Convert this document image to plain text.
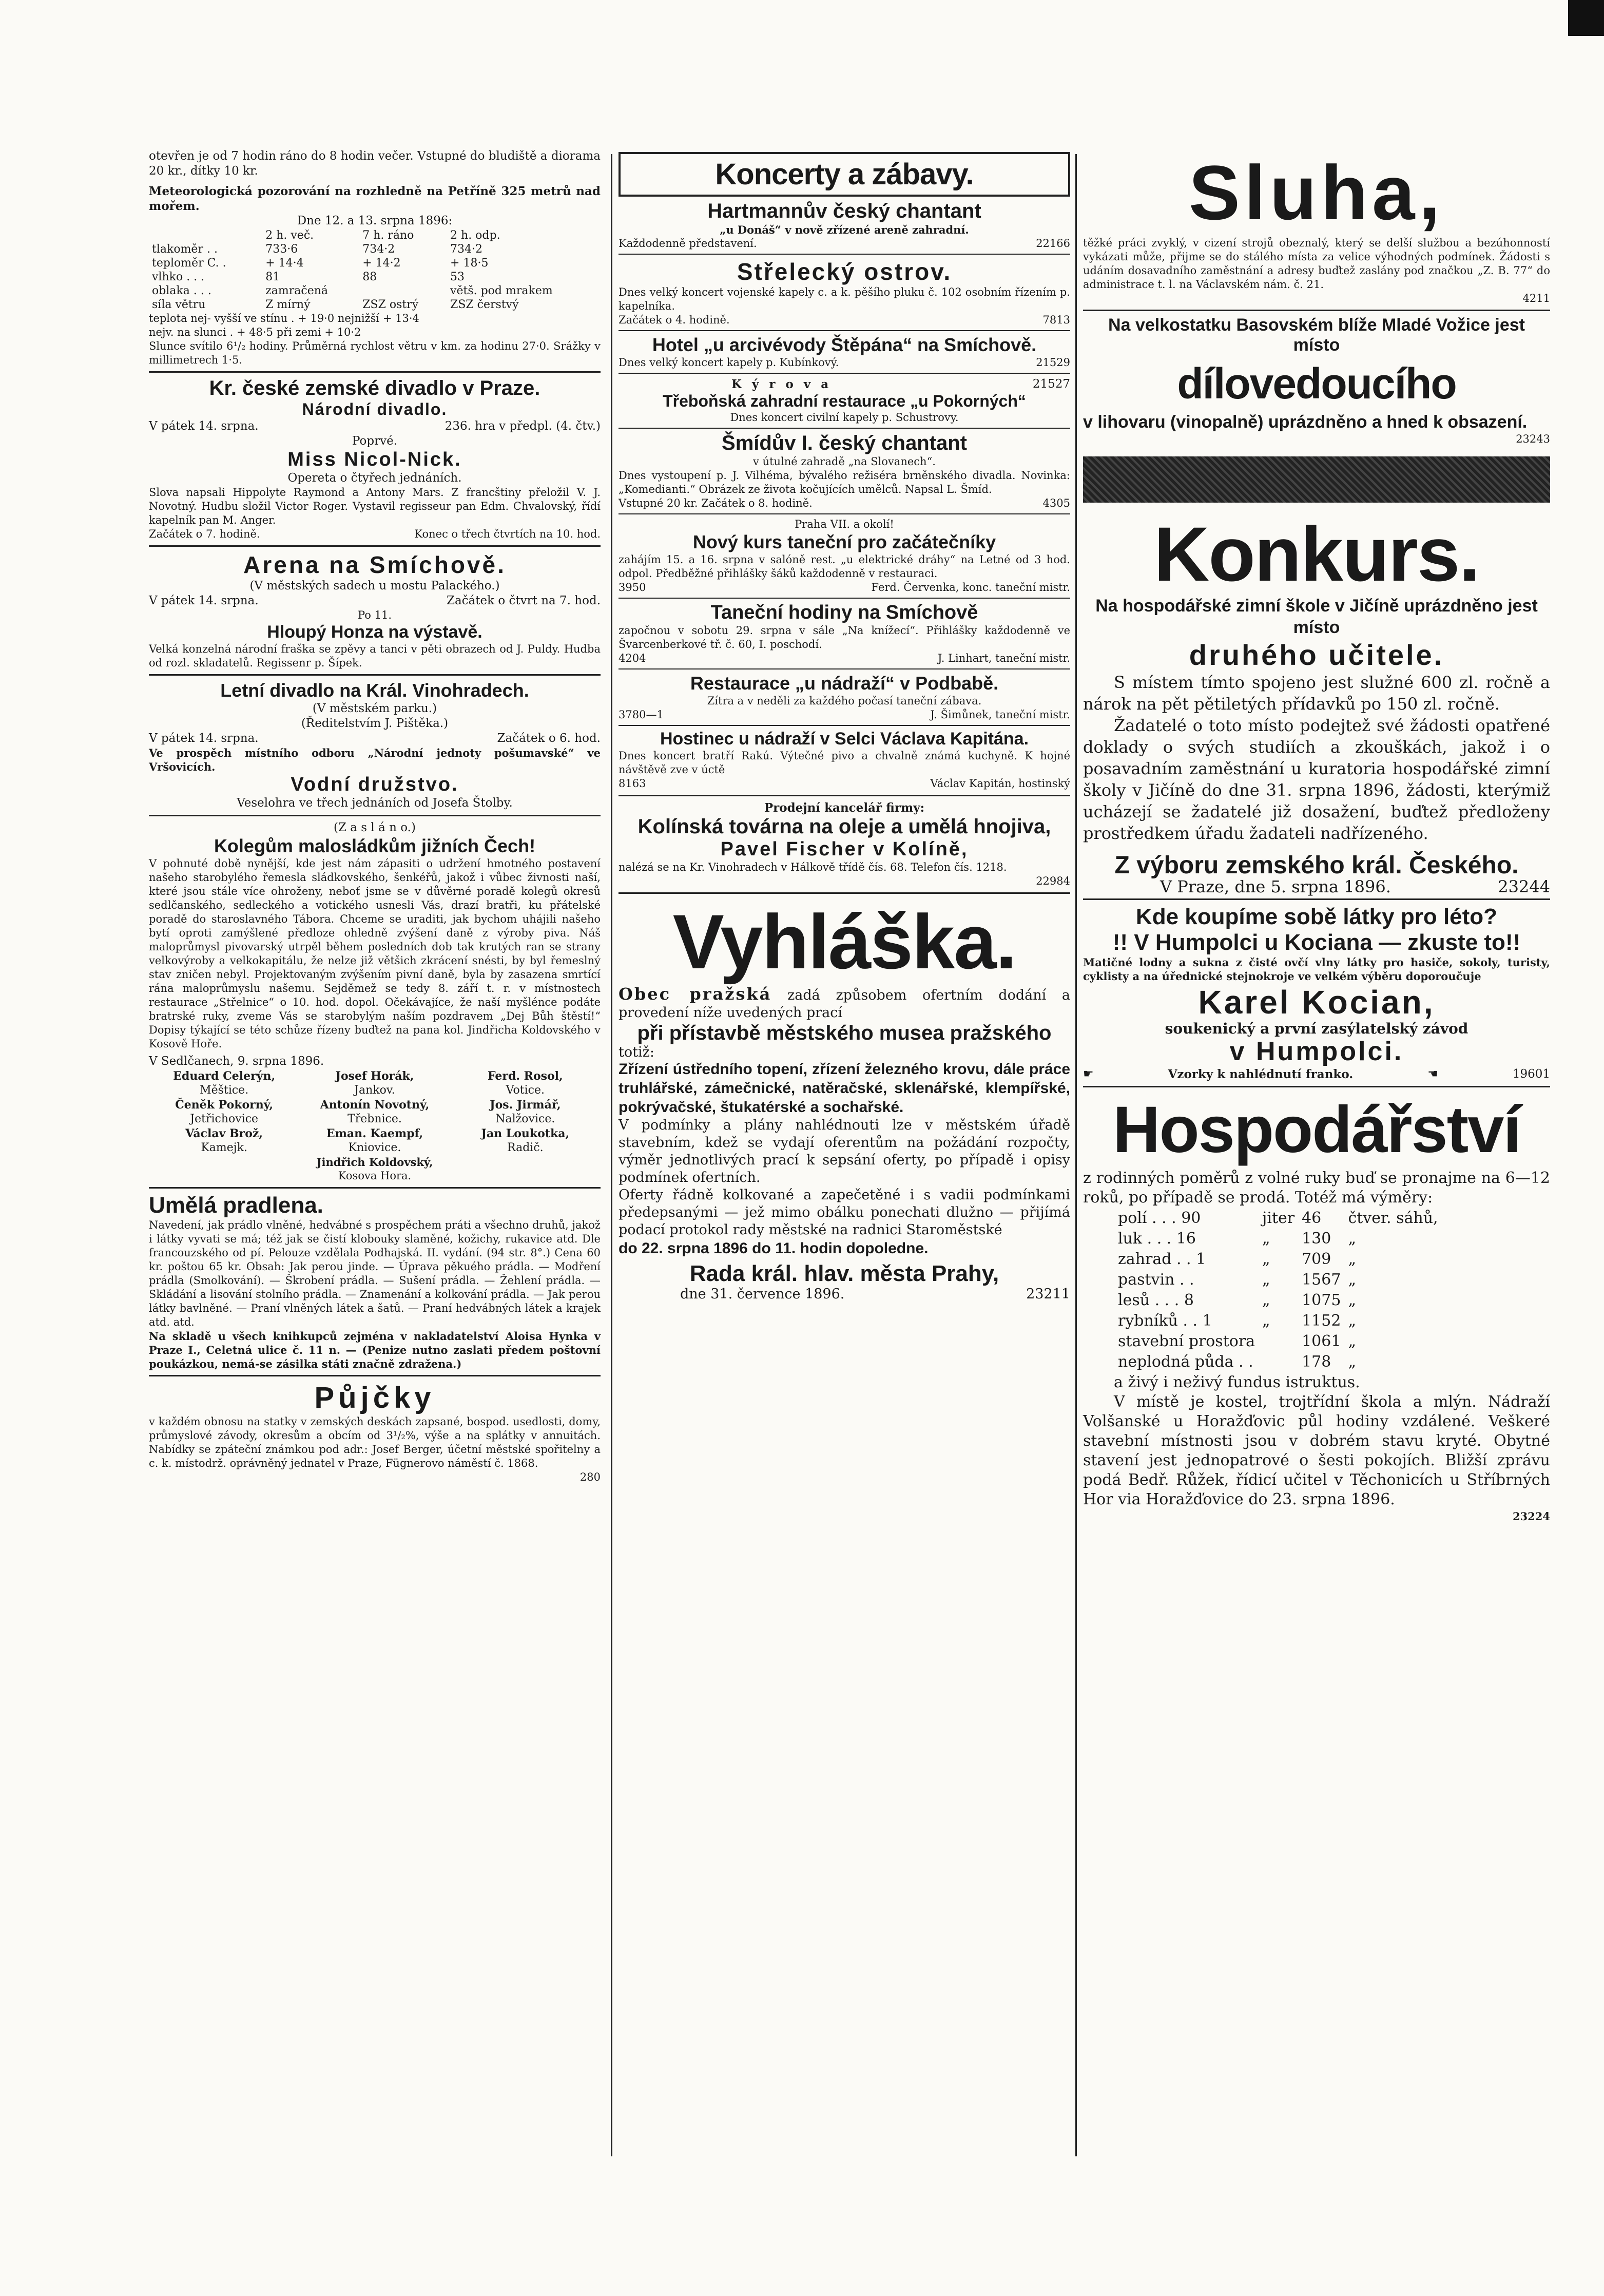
otevřen je od 7 hodin ráno do 8 hodin večer. Vstupné do bludiště a diorama 20 kr., dítky 10 kr.

Meteorologická pozorování na rozhledně na Petříně 325 metrů nad mořem.

Dne 12. a 13. srpna 1896:

	2 h. več.	7 h. ráno	2 h. odp.
tlakoměr . .	733·6	734·2	734·2
teploměr C. .	+ 14·4	+ 14·2	+ 18·5
vlhko . . .	81	88	53
oblaka . . .	zamračená		větš. pod mrakem
síla větru	Z mírný	ZSZ ostrý	ZSZ čerstvý

teplota nej- vyšší ve stínu . + 19·0 nejnižší + 13·4

nejv. na slunci . + 48·5 při zemi + 10·2

Slunce svítilo 6¹/₂ hodiny. Průměrná rychlost větru v km. za hodinu 27·0. Srážky v millimetrech 1·5.

Kr. české zemské divadlo v Praze.

Národní divadlo.

V pátek 14. srpna.	236. hra v předpl. (4. čtv.)

Poprvé.

Miss Nicol-Nick.

Opereta o čtyřech jednáních.

Slova napsali Hippolyte Raymond a Antony Mars. Z francštiny přeložil V. J. Novotný. Hudbu složil Victor Roger. Vystavil regisseur pan Edm. Chvalovský, řídí kapelník pan M. Anger.

Začátek o 7. hodině.	Konec o třech čtvrtích na 10. hod.

Arena na Smíchově.

(V městských sadech u mostu Palackého.)

V pátek 14. srpna.	Začátek o čtvrt na 7. hod.

Po 11.

Hloupý Honza na výstavě.

Velká konzelná národní fraška se zpěvy a tanci v pěti obrazech od J. Puldy. Hudba od rozl. skladatelů. Regissenr p. Šípek.

Letní divadlo na Král. Vinohradech.

(V městském parku.)

(Ředitelstvím J. Pištěka.)

V pátek 14. srpna.	Začátek o 6. hod.

Ve prospěch místního odboru „Národní jednoty pošumavské“ ve Vršovicích.

Vodní družstvo.

Veselohra ve třech jednáních od Josefa Štolby.

(Z a s l á n o.)

Kolegům malosládkům jižních Čech!

V pohnuté době nynější, kde jest nám zápasiti o udržení hmotného postavení našeho starobylého řemesla sládkovského, šenkéřů, jakož i vůbec živnosti naší, které jsou stále více ohroženy, neboť jsme se v důvěrné poradě kolegů okresů sedlčanského, sedleckého a votického usnesli Vás, drazí bratři, ku přátelské poradě do staroslavného Tábora. Chceme se uraditi, jak bychom uhájili našeho bytí oproti zamýšlené předloze ohledně zvýšení daně z výroby piva. Náš maloprůmysl pivovarský utrpěl během posledních dob tak krutých ran se strany velkovýroby a velkokapitálu, že nelze již většich zkrácení snésti, by byl řemeslný stav zničen nebyl. Projektovaným zvýšením pivní daně, byla by zasazena smrtící rána maloprůmyslu našemu. Sejděmež se tedy 8. září t. r. v místnostech restaurace „Střelnice“ o 10. hod. dopol. Očekávajíce, že naší myšlénce podáte bratrské ruky, zveme Vás se starobylým naším pozdravem „Dej Bůh štěstí!“ Dopisy týkající se této schůze řízeny buďtež na pana kol. Jindřicha Koldovského v Kosově Hoře.

V Sedlčanech, 9. srpna 1896.

Eduard Celerýn,	Josef Horák,	Ferd. Rosol,
Měštice.	Jankov.	Votice.
Čeněk Pokorný,	Antonín Novotný,	Jos. Jirmář,
Jetřichovice	Třebnice.	Nalžovice.
Václav Brož,	Eman. Kaempf,	Jan Loukotka,
Kamejk.	Kniovice.	Radič.

Jindřich Koldovský,

Kosova Hora.

Umělá pradlena.

Navedení, jak prádlo vlněné, hedvábné s prospěchem práti a všechno druhů, jakož i látky vyvati se má; též jak se čistí klobouky slaměné, kožichy, rukavice atd. Dle francouzského od pí. Pelouze vzdělala Podhajská. II. vydání. (94 str. 8°.) Cena 60 kr. poštou 65 kr. Obsah: Jak perou jinde. — Úprava pěkuého prádla. — Modření prádla (Smolkování). — Škrobení prádla. — Sušení prádla. — Žehlení prádla. — Skládání a lisování stolního prádla. — Znamenání a kolkování prádla. — Jak perou látky bavlněné. — Praní vlněných látek a šatů. — Praní hedvábných látek a krajek atd. atd.

Na skladě u všech knihkupců zejména v nakladatelství Aloisa Hynka v Praze I., Celetná ulice č. 11 n. — (Penize nutno zaslati předem poštovní poukázkou, nemá-se zásilka státi značně zdražena.)

Půjčky

v každém obnosu na statky v zemských deskách zapsané, bospod. usedlosti, domy, průmyslové závody, okresům a obcím od 3¹/₂%, výše a na splátky v annuitách. Nabídky se zpáteční známkou pod adr.: Josef Berger, účetní městské spořitelny a c. k. místodrž. oprávněný jednatel v Praze, Fügnerovo náměstí č. 1868.

280

Koncerty a zábavy.

Hartmannův český chantant

„u Donáš“ v nově zřízené areně zahradní.

Každodenně představení.	22166

Střelecký ostrov.

Dnes velký koncert vojenské kapely c. a k. pěšího pluku č. 102 osobním řízením p. kapelníka.

Začátek o 4. hodině.	7813

Hotel „u arcivévody Štěpána“ na Smíchově.

Dnes velký koncert kapely p. Kubínkový.	21529
K ý r o v a	21527

Třeboňská zahradní restaurace „u Pokorných“

Dnes koncert civilní kapely p. Schustrovy.

Šmídův I. český chantant

v útulné zahradě „na Slovanech“.

Dnes vystoupení p. J. Vilhéma, bývalého režiséra brněnského divadla. Novinka: „Komedianti.“ Obrázek ze života kočujících umělců. Napsal L. Šmíd.

Vstupné 20 kr. Začátek o 8. hodině.	4305

Praha VII. a okolí!

Nový kurs taneční pro začátečníky

zahájím 15. a 16. srpna v salóně rest. „u elektrické dráhy“ na Letné od 3 hod. odpol. Předběžné přihlášky šáků každodenně v restauraci.

3950	Ferd. Červenka, konc. taneční mistr.

Taneční hodiny na Smíchově

započnou v sobotu 29. srpna v sále „Na knížecí“. Přihlášky každodenně ve Švarcenberkové tř. č. 60, I. poschodí.

4204	J. Linhart, taneční mistr.

Restaurace „u nádraží“ v Podbabě.

Zítra a v neděli za každého počasí taneční zábava.

3780—1	J. Šimůnek, taneční mistr.

Hostinec u nádraží v Selci Václava Kapitána.

Dnes koncert bratří Rakú. Výtečné pivo a chvalně známá kuchyně. K hojné návštěvě zve v úctě

8163	Václav Kapitán, hostinský

Prodejní kancelář firmy:

Kolínská továrna na oleje a umělá hnojiva,

Pavel Fischer v Kolíně,

nalézá se na Kr. Vinohradech v Hálkově třídě čís. 68. Telefon čís. 1218.

22984

Vyhláška.

Obec pražská zadá způsobem ofertním dodání a provedení níže uvedených prací

při přístavbě městského musea pražského

totiž:

Zřízení ústředního topení, zřízení železného krovu, dále práce truhlářské, zámečnické, natěračské, sklenářské, klempířské, pokrývačské, štukatérské a sochařské.

V podmínky a plány nahlédnouti lze v městském úřadě stavebním, kdež se vydají oferentům na požádání rozpočty, výměr jednotlivých prací k sepsání oferty, po případě i opisy podmínek ofertních.

Oferty řádně kolkované a zapečetěné i s vadii podmínkami předepsanými — jež mimo obálku ponechati dlužno — přijímá podací protokol rady městské na radnici Staroměstské

do 22. srpna 1896 do 11. hodin dopoledne.

Rada král. hlav. města Prahy,

dne 31. července 1896.	23211

Sluha,

těžké práci zvyklý, v cizení strojů obeznalý, který se delší službou a bezúhonností vykázati může, přijme se do stálého místa za velice výhodných podmínek. Žádosti s udáním dosavadního zaměstnání a adresy buďtež zaslány pod značkou „Z. B. 77“ do administrace t. l. na Václavském nám. č. 21.

4211

Na velkostatku Basovském blíže Mladé Vožice jest místo

dílovedoucího

v lihovaru (vinopalně) uprázdněno a hned k obsazení.

23243

Konkurs.

Na hospodářské zimní škole v Jičíně uprázdněno jest místo

druhého učitele.

S místem tímto spojeno jest služné 600 zl. ročně a nárok na pět pětiletých přídavků po 150 zl. ročně.

Žadatelé o toto místo podejtež své žádosti opatřené doklady o svých studiích a zkouškách, jakož i o posavadním zaměstnání u kuratoria hospodářské zimní školy v Jičíně do dne 31. srpna 1896, žádosti, kterýmiž ucházejí se žadatelé již dosažení, buďtež předloženy prostředkem úřadu žadateli nadřízeného.

Z výboru zemského král. Českého.

V Praze, dne 5. srpna 1896.	23244

Kde koupíme sobě látky pro léto?

!! V Humpolci u Kociana — zkuste to!!

Matičné lodny a sukna z čisté ovčí vlny látky pro hasiče, sokoly, turisty, cyklisty a na úřednické stejnokroje ve velkém výběru doporoučuje

Karel Kocian,

soukenický a první zasýlatelský závod

v Humpolci.

☛	Vzorky k nahlédnutí franko.	☚	19601

Hospodářství

z rodinných poměrů z volné ruky buď se pronajme na 6—12 roků, po případě se prodá. Totéž má výměry:

polí . . . 90	jiter	46	čtver. sáhů,
luk . . . 16	„	130	„
zahrad . . 1	„	709	„
pastvin . .	„	1567	„
lesů . . . 8	„	1075	„
rybníků . . 1	„	1152	„
stavební prostora		1061	„
neplodná půda . .		178	„

a živý i neživý fundus istruktus.

V místě je kostel, trojtřídní škola a mlýn. Nádraží Volšanské u Horažďovic půl hodiny vzdálené. Veškeré stavební místnosti jsou v dobrém stavu kryté. Obytné stavení jest jednopatrové o šesti pokojích. Bližší zprávu podá Bedř. Růžek, řídicí učitel v Těchonicích u Stříbrných Hor via Horažďovice do 23. srpna 1896.

23224
